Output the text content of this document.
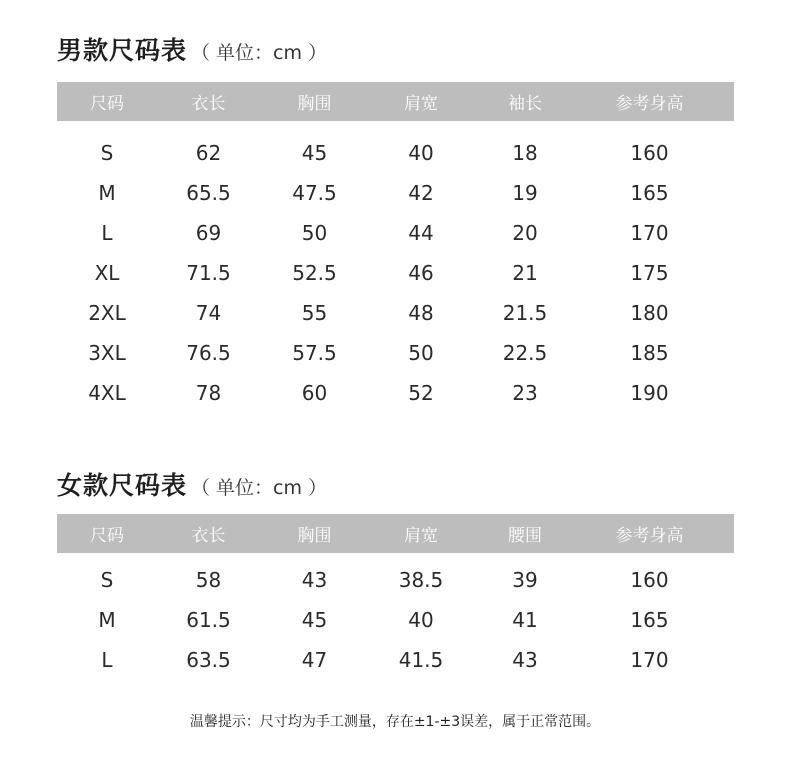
男款尺码表 （ 单位：cm ）
尺码	衣长	胸围	肩宽	袖长	参考身高
S	62	45	40	18	160
M	65.5	47.5	42	19	165
L	69	50	44	20	170
XL	71.5	52.5	46	21	175
2XL	74	55	48	21.5	180
3XL	76.5	57.5	50	22.5	185
4XL	78	60	52	23	190
女款尺码表 （ 单位：cm ）
尺码	衣长	胸围	肩宽	腰围	参考身高
S	58	43	38.5	39	160
M	61.5	45	40	41	165
L	63.5	47	41.5	43	170
温馨提示：尺寸均为手工测量，存在±1-±3误差，属于正常范围。
